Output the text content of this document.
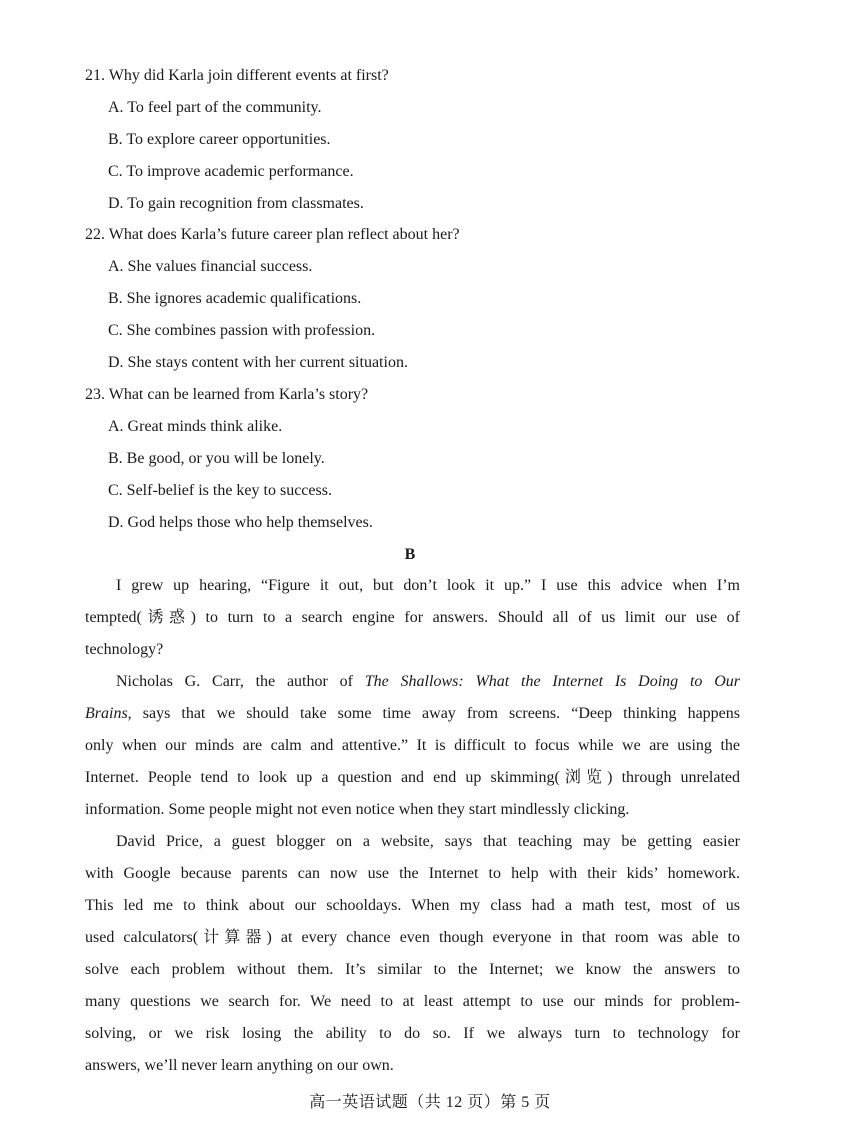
21. Why did Karla join different events at first?
A. To feel part of the community.
B. To explore career opportunities.
C. To improve academic performance.
D. To gain recognition from classmates.
22. What does Karla’s future career plan reflect about her?
A. She values financial success.
B. She ignores academic qualifications.
C. She combines passion with profession.
D. She stays content with her current situation.
23. What can be learned from Karla’s story?
A. Great minds think alike.
B. Be good, or you will be lonely.
C. Self-belief is the key to success.
D. God helps those who help themselves.
B
I grew up hearing, “Figure it out, but don’t look it up.” I use this advice when I’m
tempted(诱惑) to turn to a search engine for answers. Should all of us limit our use of
technology?
Nicholas G. Carr, the author of The Shallows: What the Internet Is Doing to Our
Brains, says that we should take some time away from screens. “Deep thinking happens
only when our minds are calm and attentive.” It is difficult to focus while we are using the
Internet. People tend to look up a question and end up skimming(浏览) through unrelated
information. Some people might not even notice when they start mindlessly clicking.
David Price, a guest blogger on a website, says that teaching may be getting easier
with Google because parents can now use the Internet to help with their kids’ homework.
This led me to think about our schooldays. When my class had a math test, most of us
used calculators(计算器) at every chance even though everyone in that room was able to
solve each problem without them. It’s similar to the Internet; we know the answers to
many questions we search for. We need to at least attempt to use our minds for problem-
solving, or we risk losing the ability to do so. If we always turn to technology for
answers, we’ll never learn anything on our own.
高一英语试题（共 12 页）第 5 页
